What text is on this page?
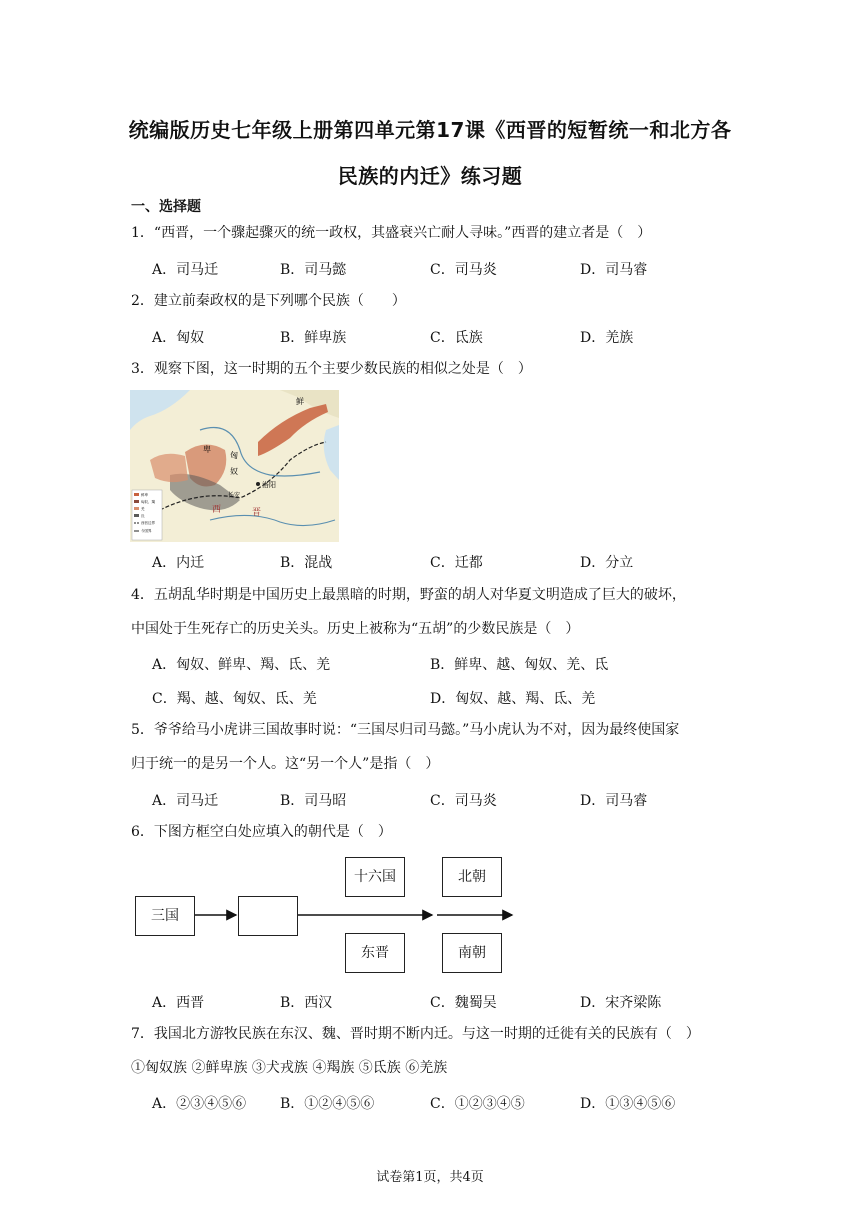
统编版历史七年级上册第四单元第17课《西晋的短暂统一和北方各
民族的内迁》练习题
一、选择题
1．“西晋，一个骤起骤灭的统一政权，其盛衰兴亡耐人寻味。”西晋的建立者是（　）
A．司马迁	B．司马懿	C．司马炎	D．司马睿
2．建立前秦政权的是下列哪个民族（　　）
A．匈奴	B．鲜卑族	C．氐族	D．羌族
3．观察下图，这一时期的五个主要少数民族的相似之处是（　）
鲜
卑
匈
奴
洛阳
长安
西	晋
鲜卑
匈奴、羯
羌
氐
西晋边界
今国界
A．内迁	B．混战	C．迁都	D．分立
4．五胡乱华时期是中国历史上最黑暗的时期，野蛮的胡人对华夏文明造成了巨大的破坏，
中国处于生死存亡的历史关头。历史上被称为“五胡”的少数民族是（　）
A．匈奴、鲜卑、羯、氐、羌	B．鲜卑、越、匈奴、羌、氐
C．羯、越、匈奴、氐、羌	D．匈奴、越、羯、氐、羌
5．爷爷给马小虎讲三国故事时说：“三国尽归司马懿。”马小虎认为不对，因为最终使国家
归于统一的是另一个人。这“另一个人”是指（　）
A．司马迁	B．司马昭	C．司马炎	D．司马睿
6．下图方框空白处应填入的朝代是（　）
三国
十六国
东晋
北朝
南朝
A．西晋	B．西汉	C．魏蜀吴	D．宋齐梁陈
7．我国北方游牧民族在东汉、魏、晋时期不断内迁。与这一时期的迁徙有关的民族有（　）
①匈奴族 ②鲜卑族 ③犬戎族 ④羯族 ⑤氐族 ⑥羌族
A．②③④⑤⑥ B．①②④⑤⑥	C．①②③④⑤	D．①③④⑤⑥
试卷第1页，共4页
